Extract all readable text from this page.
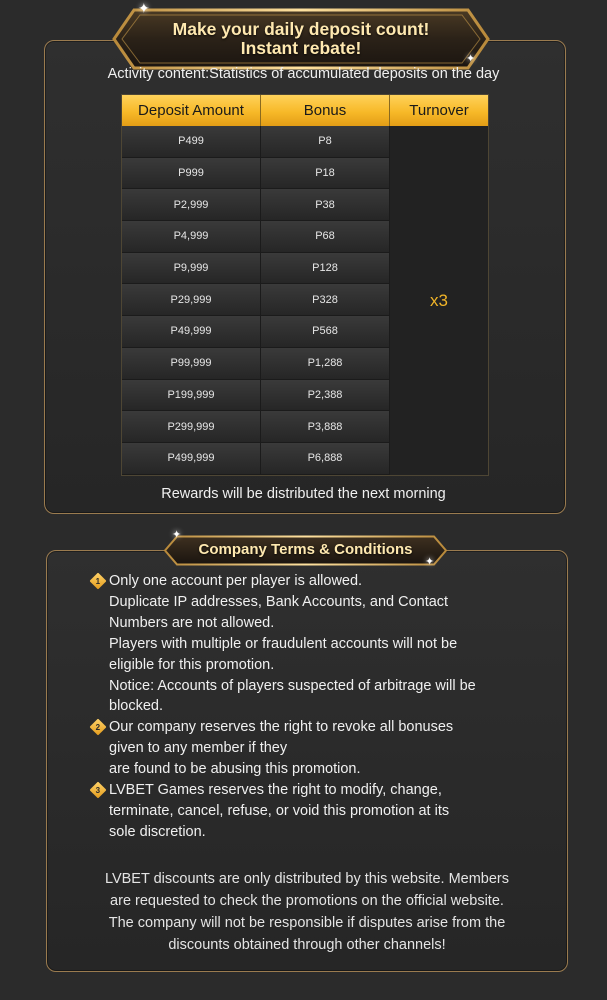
Make your daily deposit count!
Instant rebate!
✦
✦
Activity content:Statistics of accumulated deposits on the day
Deposit Amount	Bonus	Turnover
P499	P8
P999	P18
P2,999	P38
P4,999	P68
P9,999	P128
P29,999	P328
P49,999	P568
P99,999	P1,288
P199,999	P2,388
P299,999	P3,888
P499,999	P6,888
x3
Rewards will be distributed the next morning
Company Terms & Conditions
✦
✦
1 Only one account per player is allowed.
Duplicate IP addresses, Bank Accounts, and Contact
Numbers are not allowed.
Players with multiple or fraudulent accounts will not be
eligible for this promotion.
Notice: Accounts of players suspected of arbitrage will be
blocked.
2 Our company reserves the right to revoke all bonuses
given to any member if they
are found to be abusing this promotion.
3 LVBET Games reserves the right to modify, change,
terminate, cancel, refuse, or void this promotion at its
sole discretion.
LVBET discounts are only distributed by this website. Members
are requested to check the promotions on the official website.
The company will not be responsible if disputes arise from the
discounts obtained through other channels!
